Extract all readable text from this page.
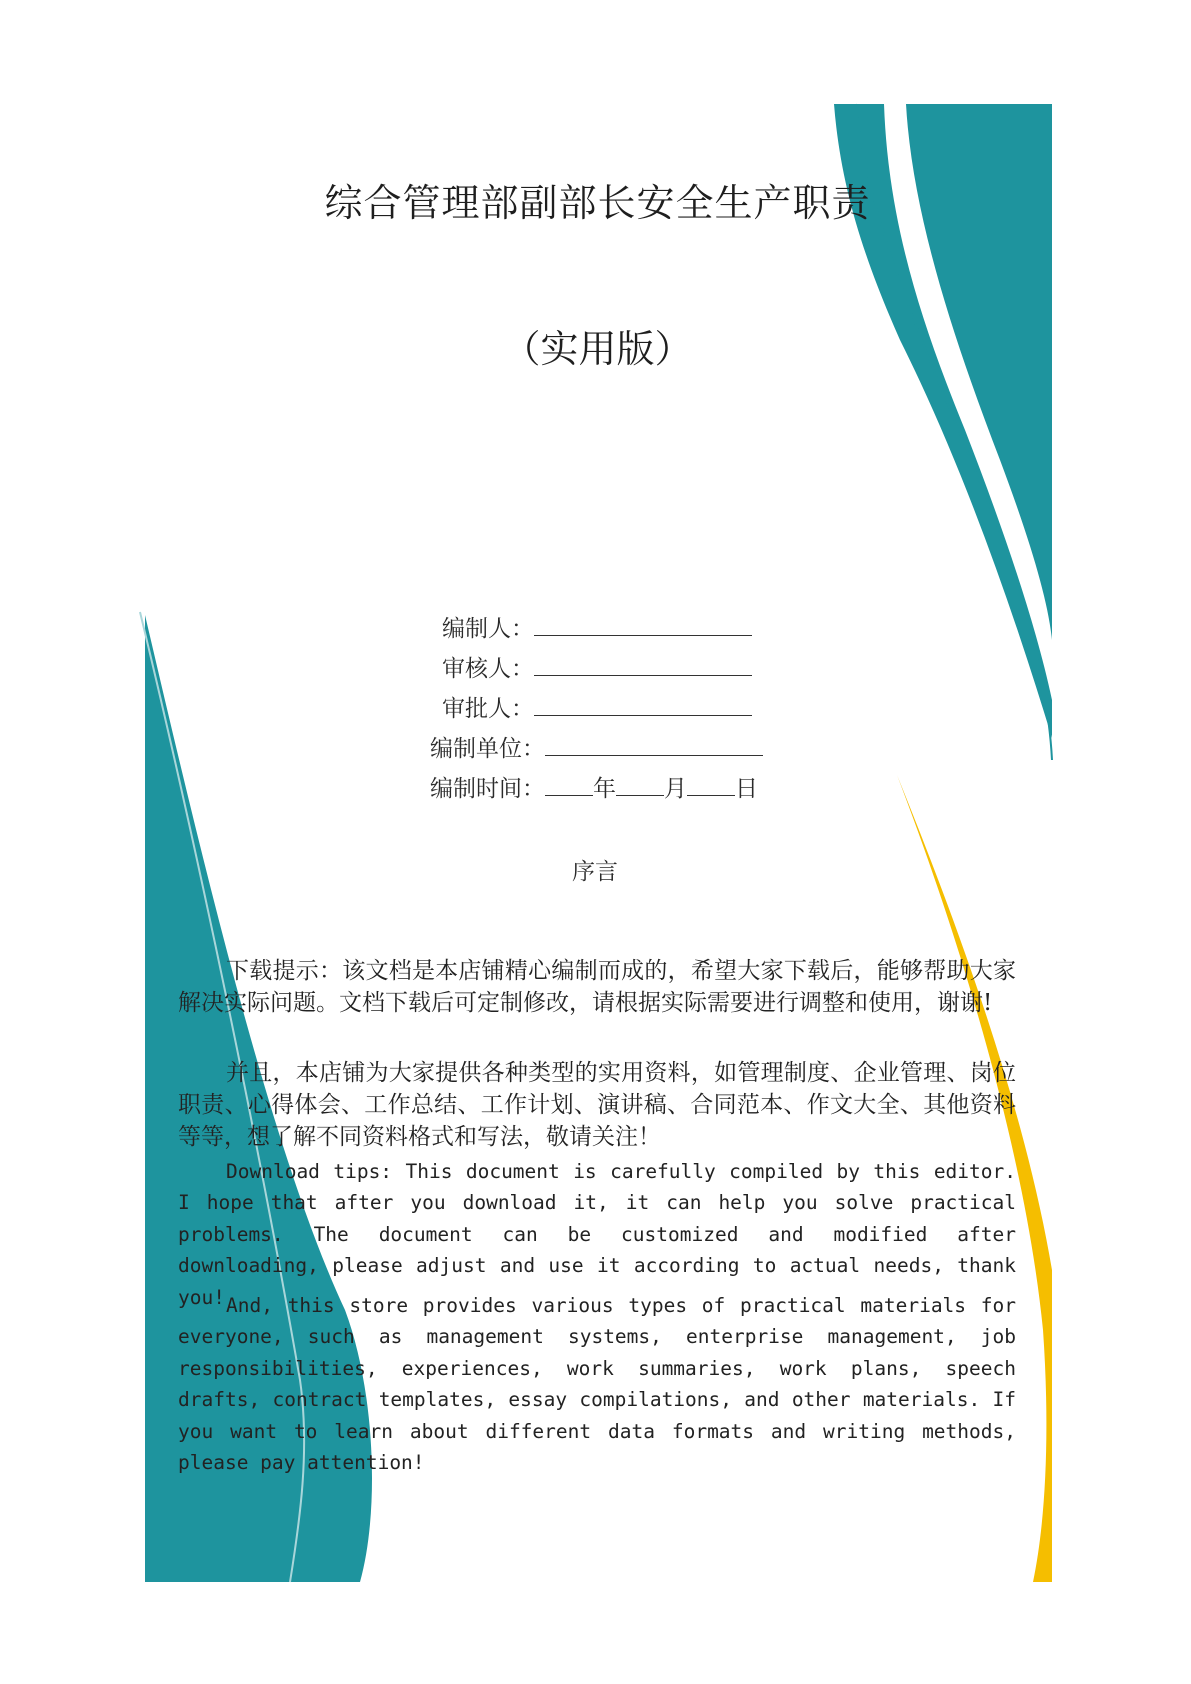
综合管理部副部长安全生产职责
（实用版）
编制人：
审核人：
审批人：
编制单位：
编制时间： 年 月 日
序言

下载提示：该文档是本店铺精心编制而成的，希望大家下载后，能够帮助大家解决实际问题。文档下载后可定制修改，请根据实际需要进行调整和使用，谢谢!

并且，本店铺为大家提供各种类型的实用资料，如管理制度、企业管理、岗位职责、心得体会、工作总结、工作计划、演讲稿、合同范本、作文大全、其他资料等等，想了解不同资料格式和写法，敬请关注！

Download tips: This document is carefully compiled by this editor. I hope that after you download it, it can help you solve practical problems. The document can be customized and modified after downloading, please adjust and use it according to actual needs, thank you! And, this store provides various types of practical materials for everyone, such as management systems, enterprise management, job responsibilities, experiences, work summaries, work plans, speech drafts, contract templates, essay compilations, and other materials. If you want to learn about different data formats and writing methods, please pay attention!
